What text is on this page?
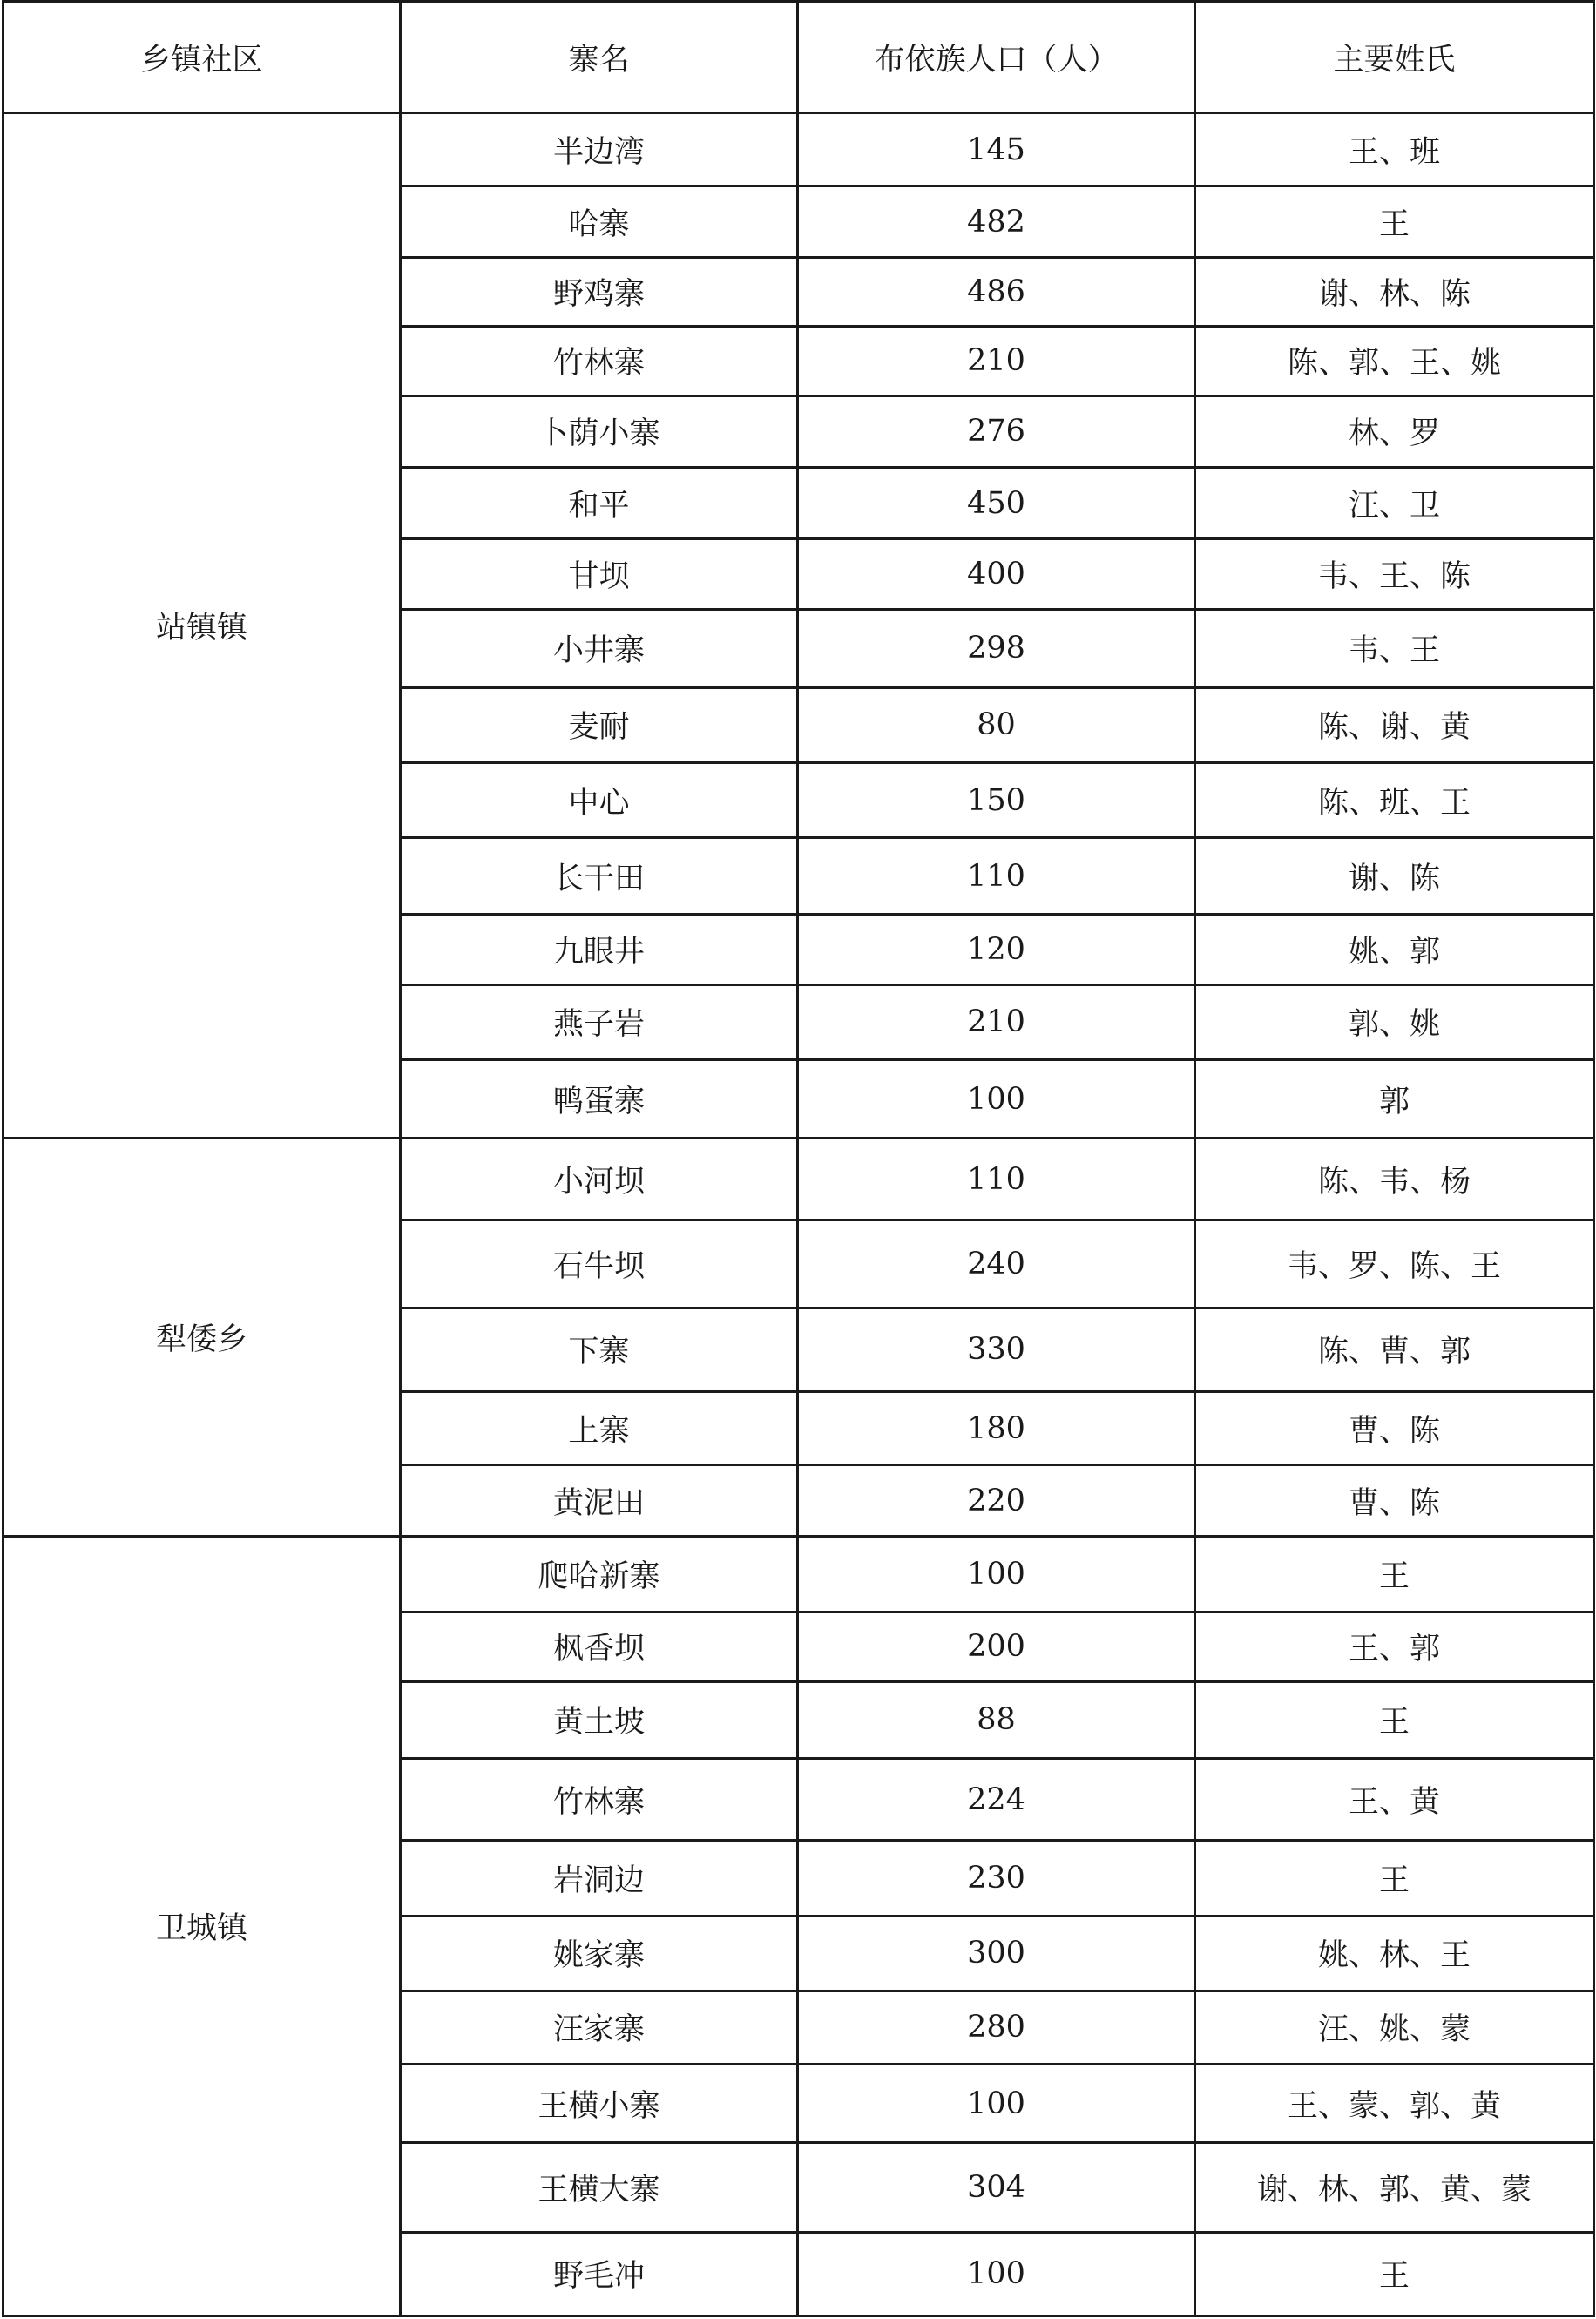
乡镇社区	寨名	布依族人口（人）	主要姓氏
站镇镇	半边湾	145	王、班
	哈寨	482	王
	野鸡寨	486	谢、林、陈
	竹林寨	210	陈、郭、王、姚
	卜荫小寨	276	林、罗
	和平	450	汪、卫
	甘坝	400	韦、王、陈
	小井寨	298	韦、王
	麦耐	80	陈、谢、黄
	中心	150	陈、班、王
	长干田	110	谢、陈
	九眼井	120	姚、郭
	燕子岩	210	郭、姚
	鸭蛋寨	100	郭
犁倭乡	小河坝	110	陈、韦、杨
	石牛坝	240	韦、罗、陈、王
	下寨	330	陈、曹、郭
	上寨	180	曹、陈
	黄泥田	220	曹、陈
卫城镇	爬哈新寨	100	王
	枫香坝	200	王、郭
	黄土坡	88	王
	竹林寨	224	王、黄
	岩洞边	230	王
	姚家寨	300	姚、林、王
	汪家寨	280	汪、姚、蒙
	王横小寨	100	王、蒙、郭、黄
	王横大寨	304	谢、林、郭、黄、蒙
	野毛冲	100	王
